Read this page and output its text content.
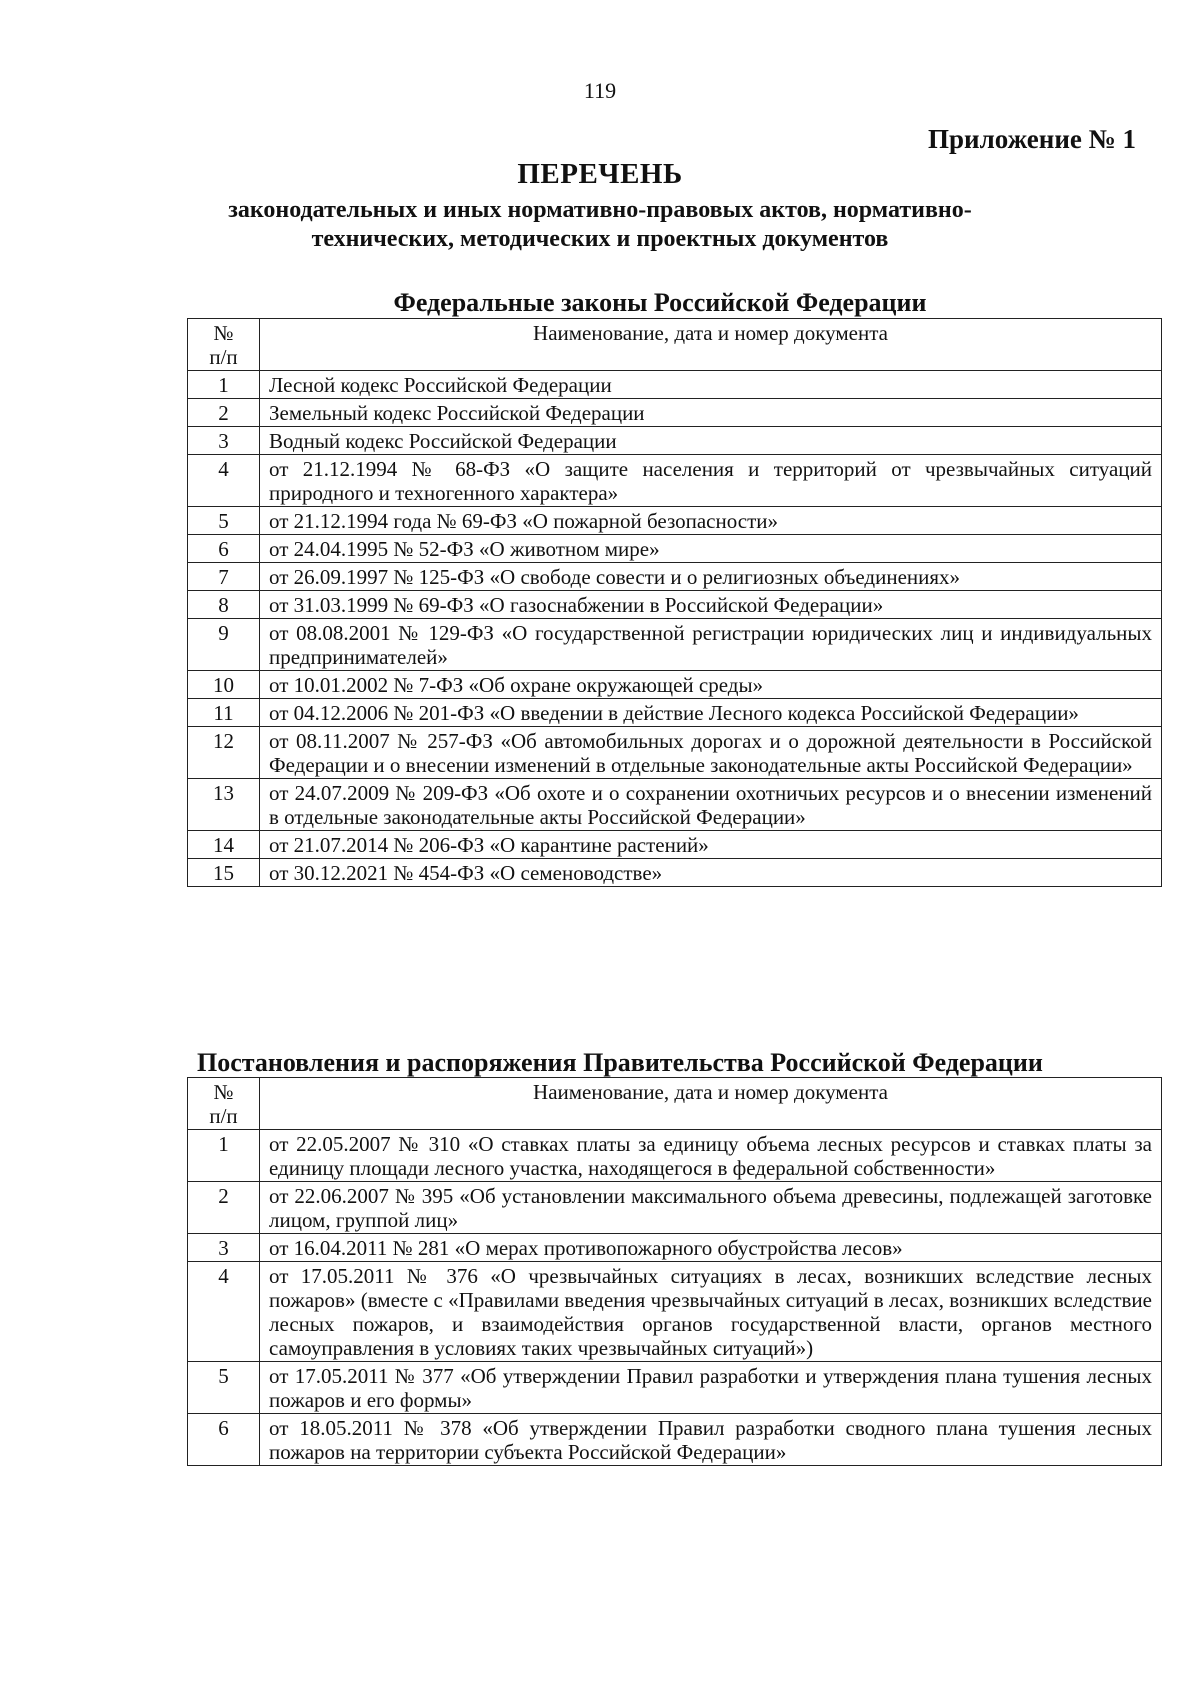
119
Приложение № 1
ПЕРЕЧЕНЬ
законодательных и иных нормативно-правовых актов, нормативно-
технических, методических и проектных документов
Федеральные законы Российской Федерации
№
п/п	Наименование, дата и номер документа
1	Лесной кодекс Российской Федерации
2	Земельный кодекс Российской Федерации
3	Водный кодекс Российской Федерации
4	от 21.12.1994 № 68-ФЗ «О защите населения и территорий от чрезвычайных ситуаций природного и техногенного характера»
5	от 21.12.1994 года № 69-ФЗ «О пожарной безопасности»
6	от 24.04.1995 № 52-ФЗ «О животном мире»
7	от 26.09.1997 № 125-ФЗ «О свободе совести и о религиозных объединениях»
8	от 31.03.1999 № 69-ФЗ «О газоснабжении в Российской Федерации»
9	от 08.08.2001 № 129-ФЗ «О государственной регистрации юридических лиц и индивидуальных предпринимателей»
10	от 10.01.2002 № 7-ФЗ «Об охране окружающей среды»
11	от 04.12.2006 № 201-ФЗ «О введении в действие Лесного кодекса Российской Федерации»
12	от 08.11.2007 № 257-ФЗ «Об автомобильных дорогах и о дорожной деятельности в Российской Федерации и о внесении изменений в отдельные законодательные акты Российской Федерации»
13	от 24.07.2009 № 209-ФЗ «Об охоте и о сохранении охотничьих ресурсов и о внесении изменений в отдельные законодательные акты Российской Федерации»
14	от 21.07.2014 № 206-ФЗ «О карантине растений»
15	от 30.12.2021 № 454-ФЗ «О семеноводстве»
Постановления и распоряжения Правительства Российской Федерации
№
п/п	Наименование, дата и номер документа
1	от 22.05.2007 № 310 «О ставках платы за единицу объема лесных ресурсов и ставках платы за единицу площади лесного участка, находящегося в федеральной собственности»
2	от 22.06.2007 № 395 «Об установлении максимального объема древесины, подлежащей заготовке лицом, группой лиц»
3	от 16.04.2011 № 281 «О мерах противопожарного обустройства лесов»
4	от 17.05.2011 № 376 «О чрезвычайных ситуациях в лесах, возникших вследствие лесных пожаров» (вместе с «Правилами введения чрезвычайных ситуаций в лесах, возникших вследствие лесных пожаров, и взаимодействия органов государственной власти, органов местного самоуправления в условиях таких чрезвычайных ситуаций»)
5	от 17.05.2011 № 377 «Об утверждении Правил разработки и утверждения плана тушения лесных пожаров и его формы»
6	от 18.05.2011 № 378 «Об утверждении Правил разработки сводного плана тушения лесных пожаров на территории субъекта Российской Федерации»
